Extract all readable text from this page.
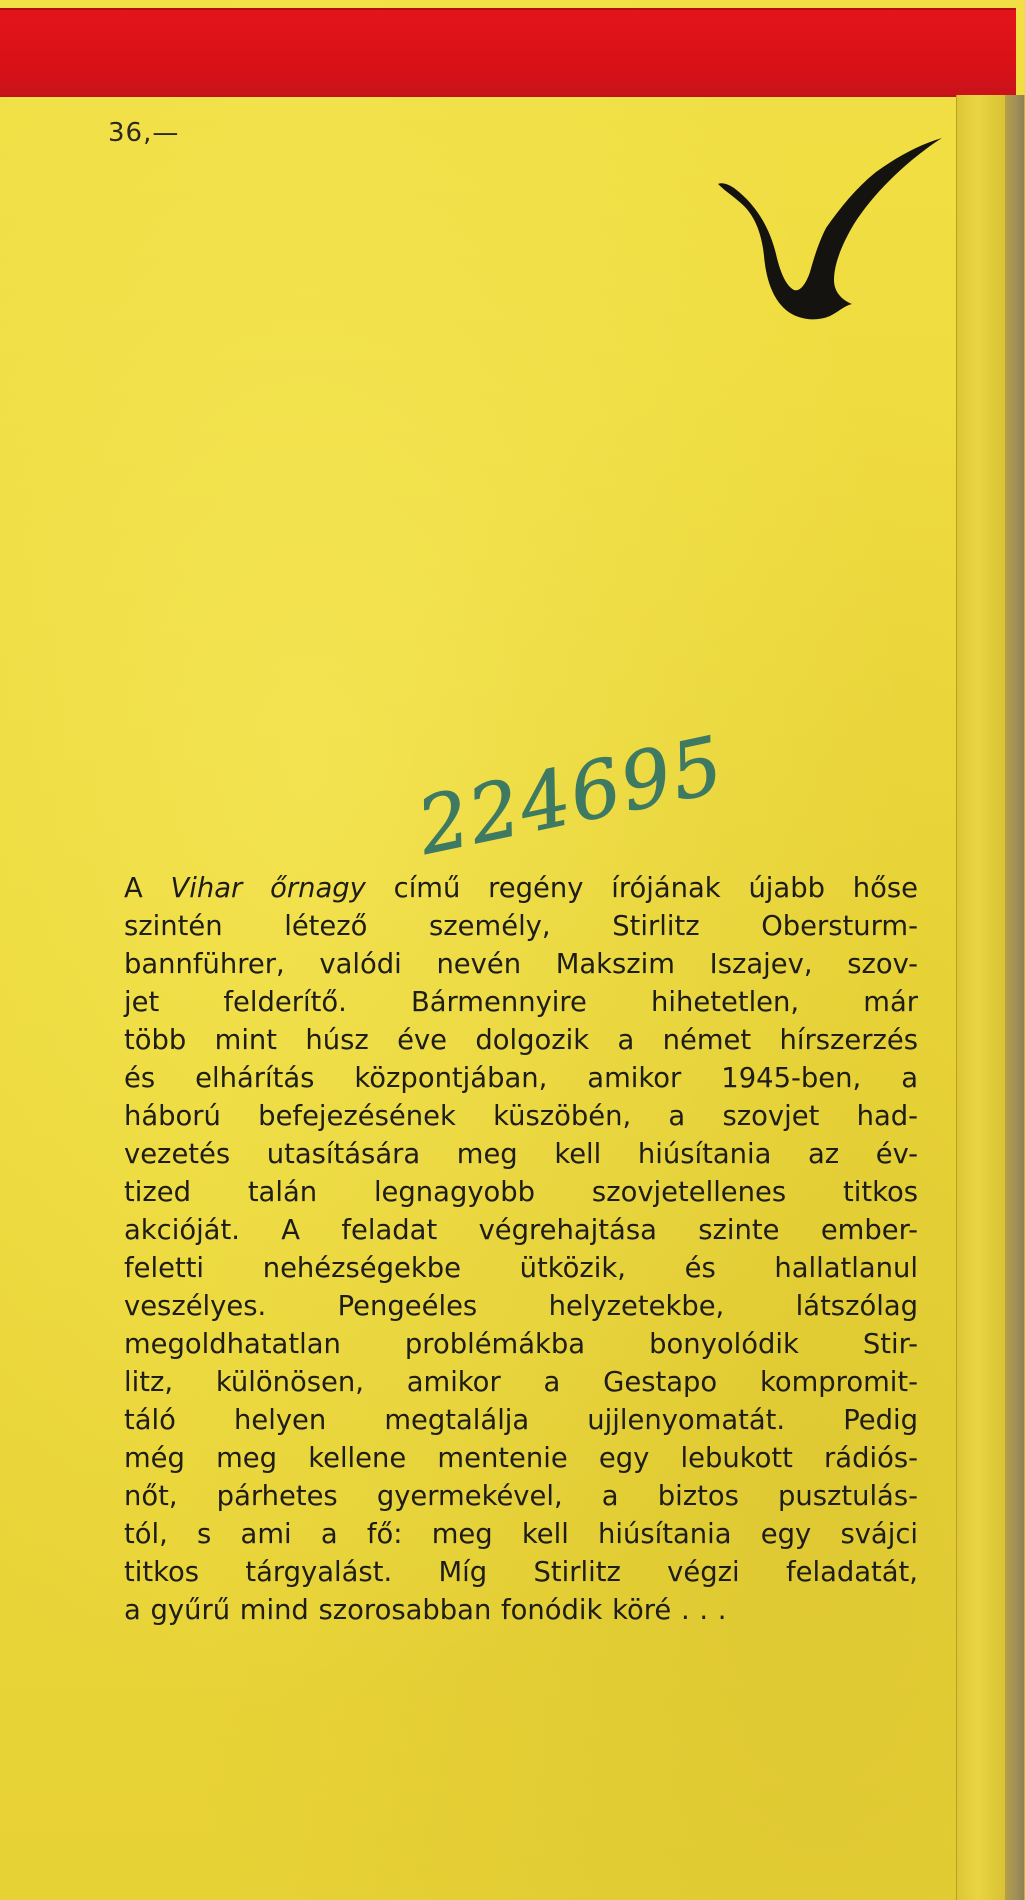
36,—
224695

A Vihar őrnagy című regény írójának újabb hőse
szintén létező személy, Stirlitz Obersturm-
bannführer, valódi nevén Makszim Iszajev, szov-
jet felderítő. Bármennyire hihetetlen, már
több mint húsz éve dolgozik a német hírszerzés
és elhárítás központjában, amikor 1945-ben, a
háború befejezésének küszöbén, a szovjet had-
vezetés utasítására meg kell hiúsítania az év-
tized talán legnagyobb szovjetellenes titkos
akcióját. A feladat végrehajtása szinte ember-
feletti nehézségekbe ütközik, és hallatlanul
veszélyes. Pengeéles helyzetekbe, látszólag
megoldhatatlan problémákba bonyolódik Stir-
litz, különösen, amikor a Gestapo kompromit-
táló helyen megtalálja ujjlenyomatát. Pedig
még meg kellene mentenie egy lebukott rádiós-
nőt, párhetes gyermekével, a biztos pusztulás-
tól, s ami a fő: meg kell hiúsítania egy svájci
titkos tárgyalást. Míg Stirlitz végzi feladatát,
a gyűrű mind szorosabban fonódik köré . . .
